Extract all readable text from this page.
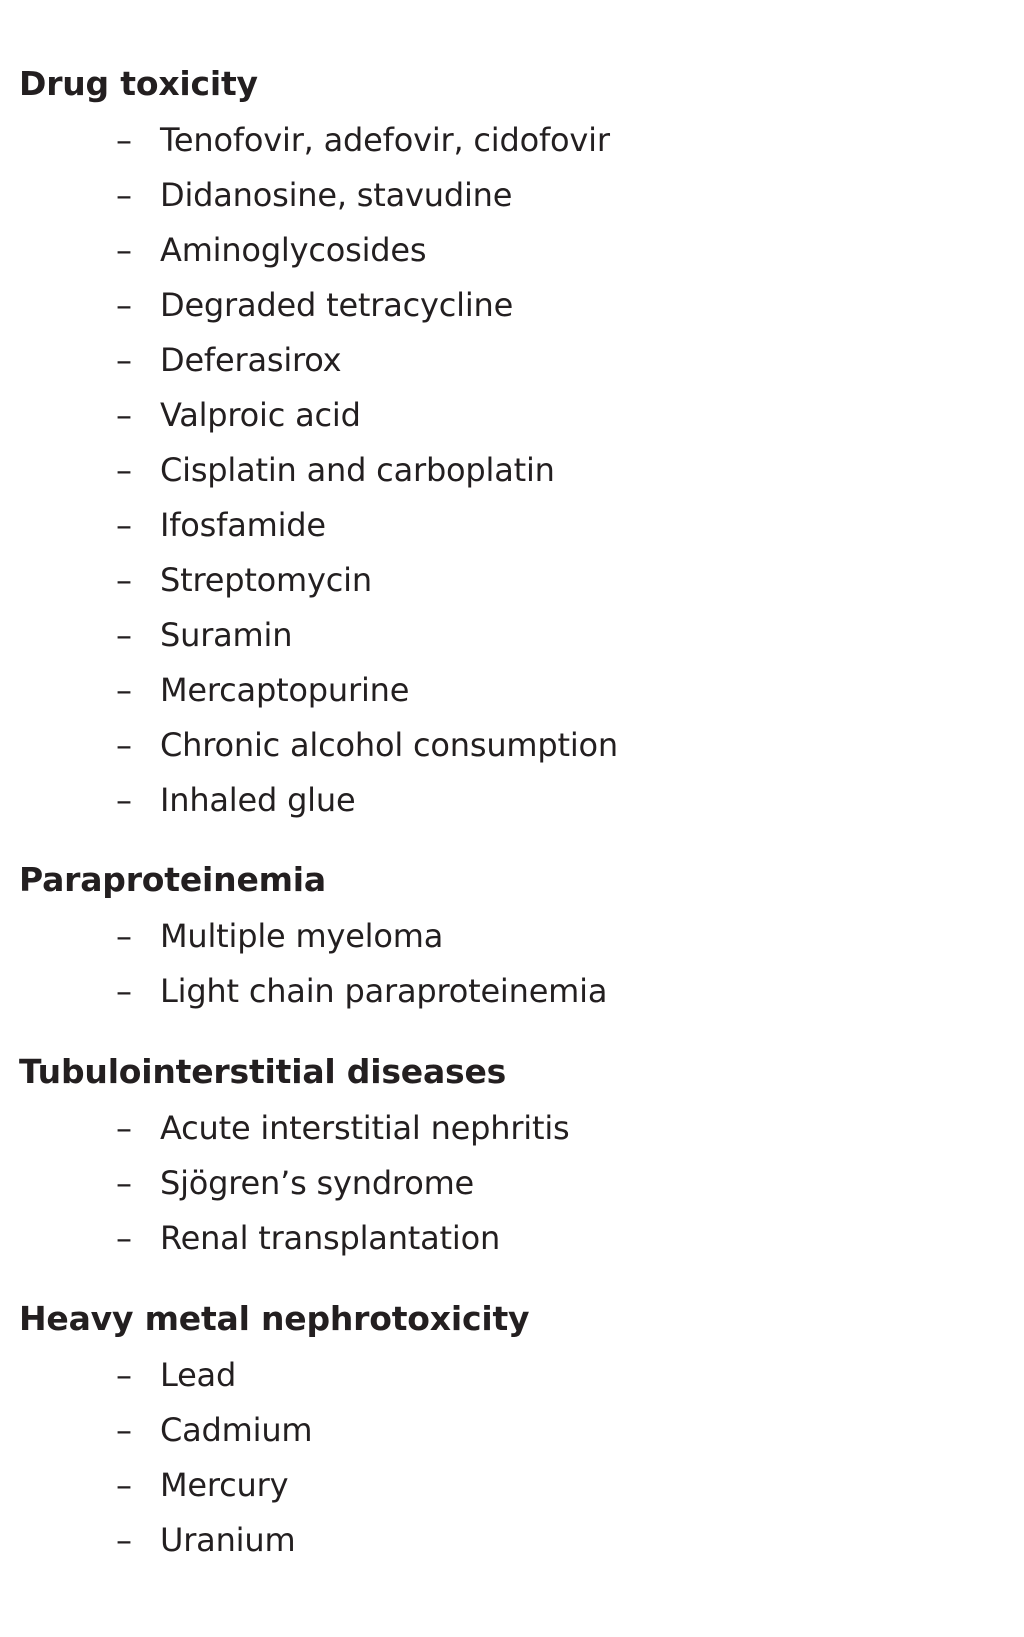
Drug toxicity
– Tenofovir, adefovir, cidofovir
– Didanosine, stavudine
– Aminoglycosides
– Degraded tetracycline
– Deferasirox
– Valproic acid
– Cisplatin and carboplatin
– Ifosfamide
– Streptomycin
– Suramin
– Mercaptopurine
– Chronic alcohol consumption
– Inhaled glue
Paraproteinemia
– Multiple myeloma
– Light chain paraproteinemia
Tubulointerstitial diseases
– Acute interstitial nephritis
– Sjögren’s syndrome
– Renal transplantation
Heavy metal nephrotoxicity
– Lead
– Cadmium
– Mercury
– Uranium
